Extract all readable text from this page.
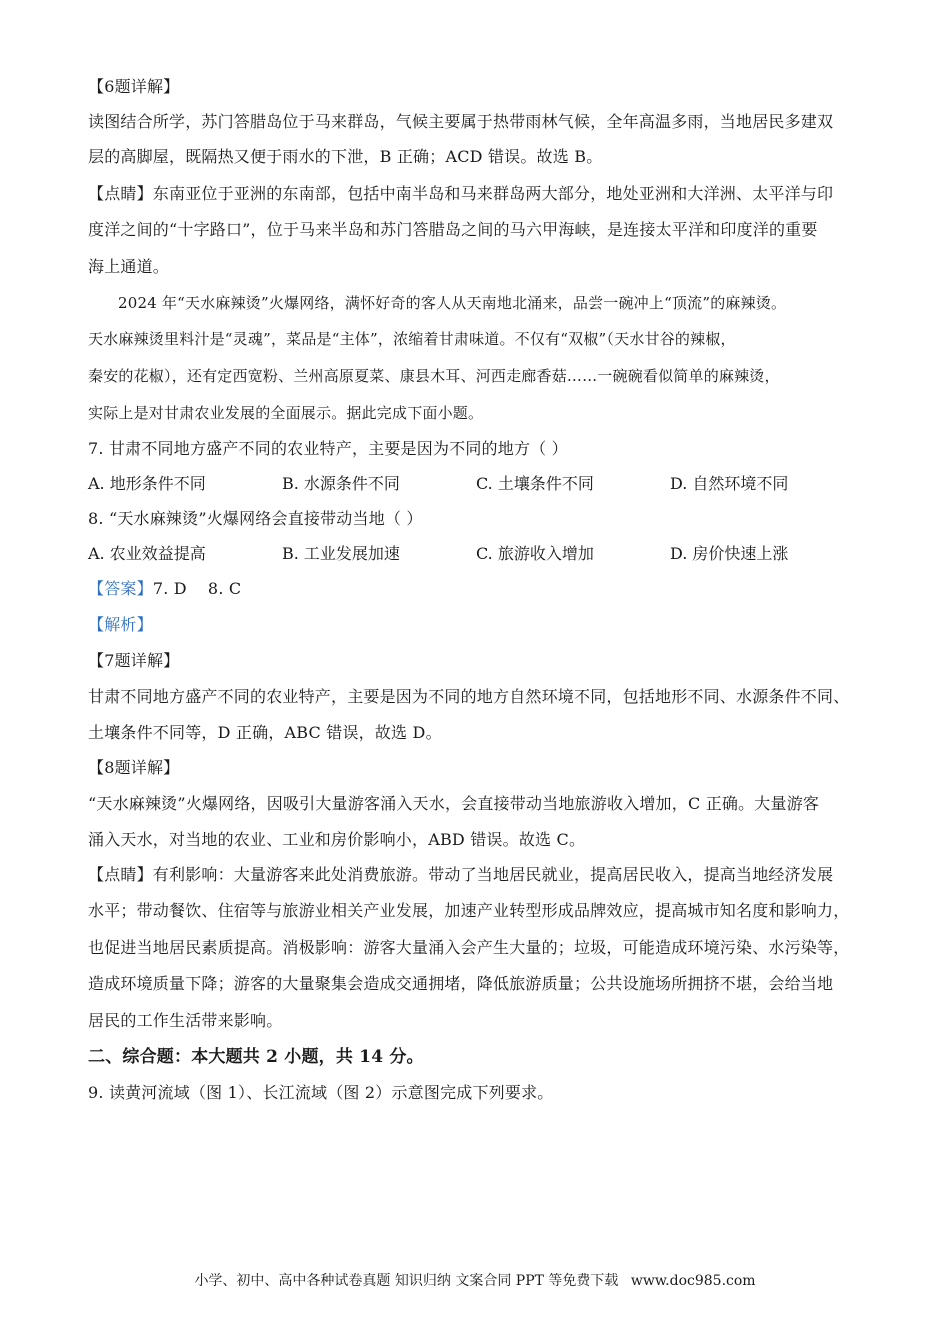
【6题详解】
读图结合所学，苏门答腊岛位于马来群岛，气候主要属于热带雨林气候，全年高温多雨，当地居民多建双
层的高脚屋，既隔热又便于雨水的下泄，B 正确；ACD 错误。故选 B。
【点睛】东南亚位于亚洲的东南部，包括中南半岛和马来群岛两大部分，地处亚洲和大洋洲、太平洋与印
度洋之间的“十字路口”，位于马来半岛和苏门答腊岛之间的马六甲海峡，是连接太平洋和印度洋的重要
海上通道。
2024 年“天水麻辣烫”火爆网络，满怀好奇的客人从天南地北涌来，品尝一碗冲上“顶流”的麻辣烫。
天水麻辣烫里料汁是“灵魂”，菜品是“主体”，浓缩着甘肃味道。不仅有“双椒”（天水甘谷的辣椒，
秦安的花椒），还有定西宽粉、兰州高原夏菜、康县木耳、河西走廊香菇……一碗碗看似简单的麻辣烫，
实际上是对甘肃农业发展的全面展示。据此完成下面小题。
7. 甘肃不同地方盛产不同的农业特产，主要是因为不同的地方（ ）
A. 地形条件不同	B. 水源条件不同	C. 土壤条件不同	D. 自然环境不同
8. “天水麻辣烫”火爆网络会直接带动当地（ ）
A. 农业效益提高	B. 工业发展加速	C. 旅游收入增加	D. 房价快速上涨
【答案】7. D    8. C
【解析】
【7题详解】
甘肃不同地方盛产不同的农业特产，主要是因为不同的地方自然环境不同，包括地形不同、水源条件不同、
土壤条件不同等，D 正确，ABC 错误，故选 D。
【8题详解】
“天水麻辣烫”火爆网络，因吸引大量游客涌入天水，会直接带动当地旅游收入增加，C 正确。大量游客
涌入天水，对当地的农业、工业和房价影响小，ABD 错误。故选 C。
【点睛】有利影响：大量游客来此处消费旅游。带动了当地居民就业，提高居民收入，提高当地经济发展
水平；带动餐饮、住宿等与旅游业相关产业发展，加速产业转型形成品牌效应，提高城市知名度和影响力，
也促进当地居民素质提高。消极影响：游客大量涌入会产生大量的；垃圾，可能造成环境污染、水污染等，
造成环境质量下降；游客的大量聚集会造成交通拥堵，降低旅游质量；公共设施场所拥挤不堪，会给当地
居民的工作生活带来影响。
二、综合题：本大题共 2 小题，共 14 分。
9. 读黄河流域（图 1）、长江流域（图 2）示意图完成下列要求。
小学、初中、高中各种试卷真题 知识归纳 文案合同 PPT 等免费下载 www.doc985.com
